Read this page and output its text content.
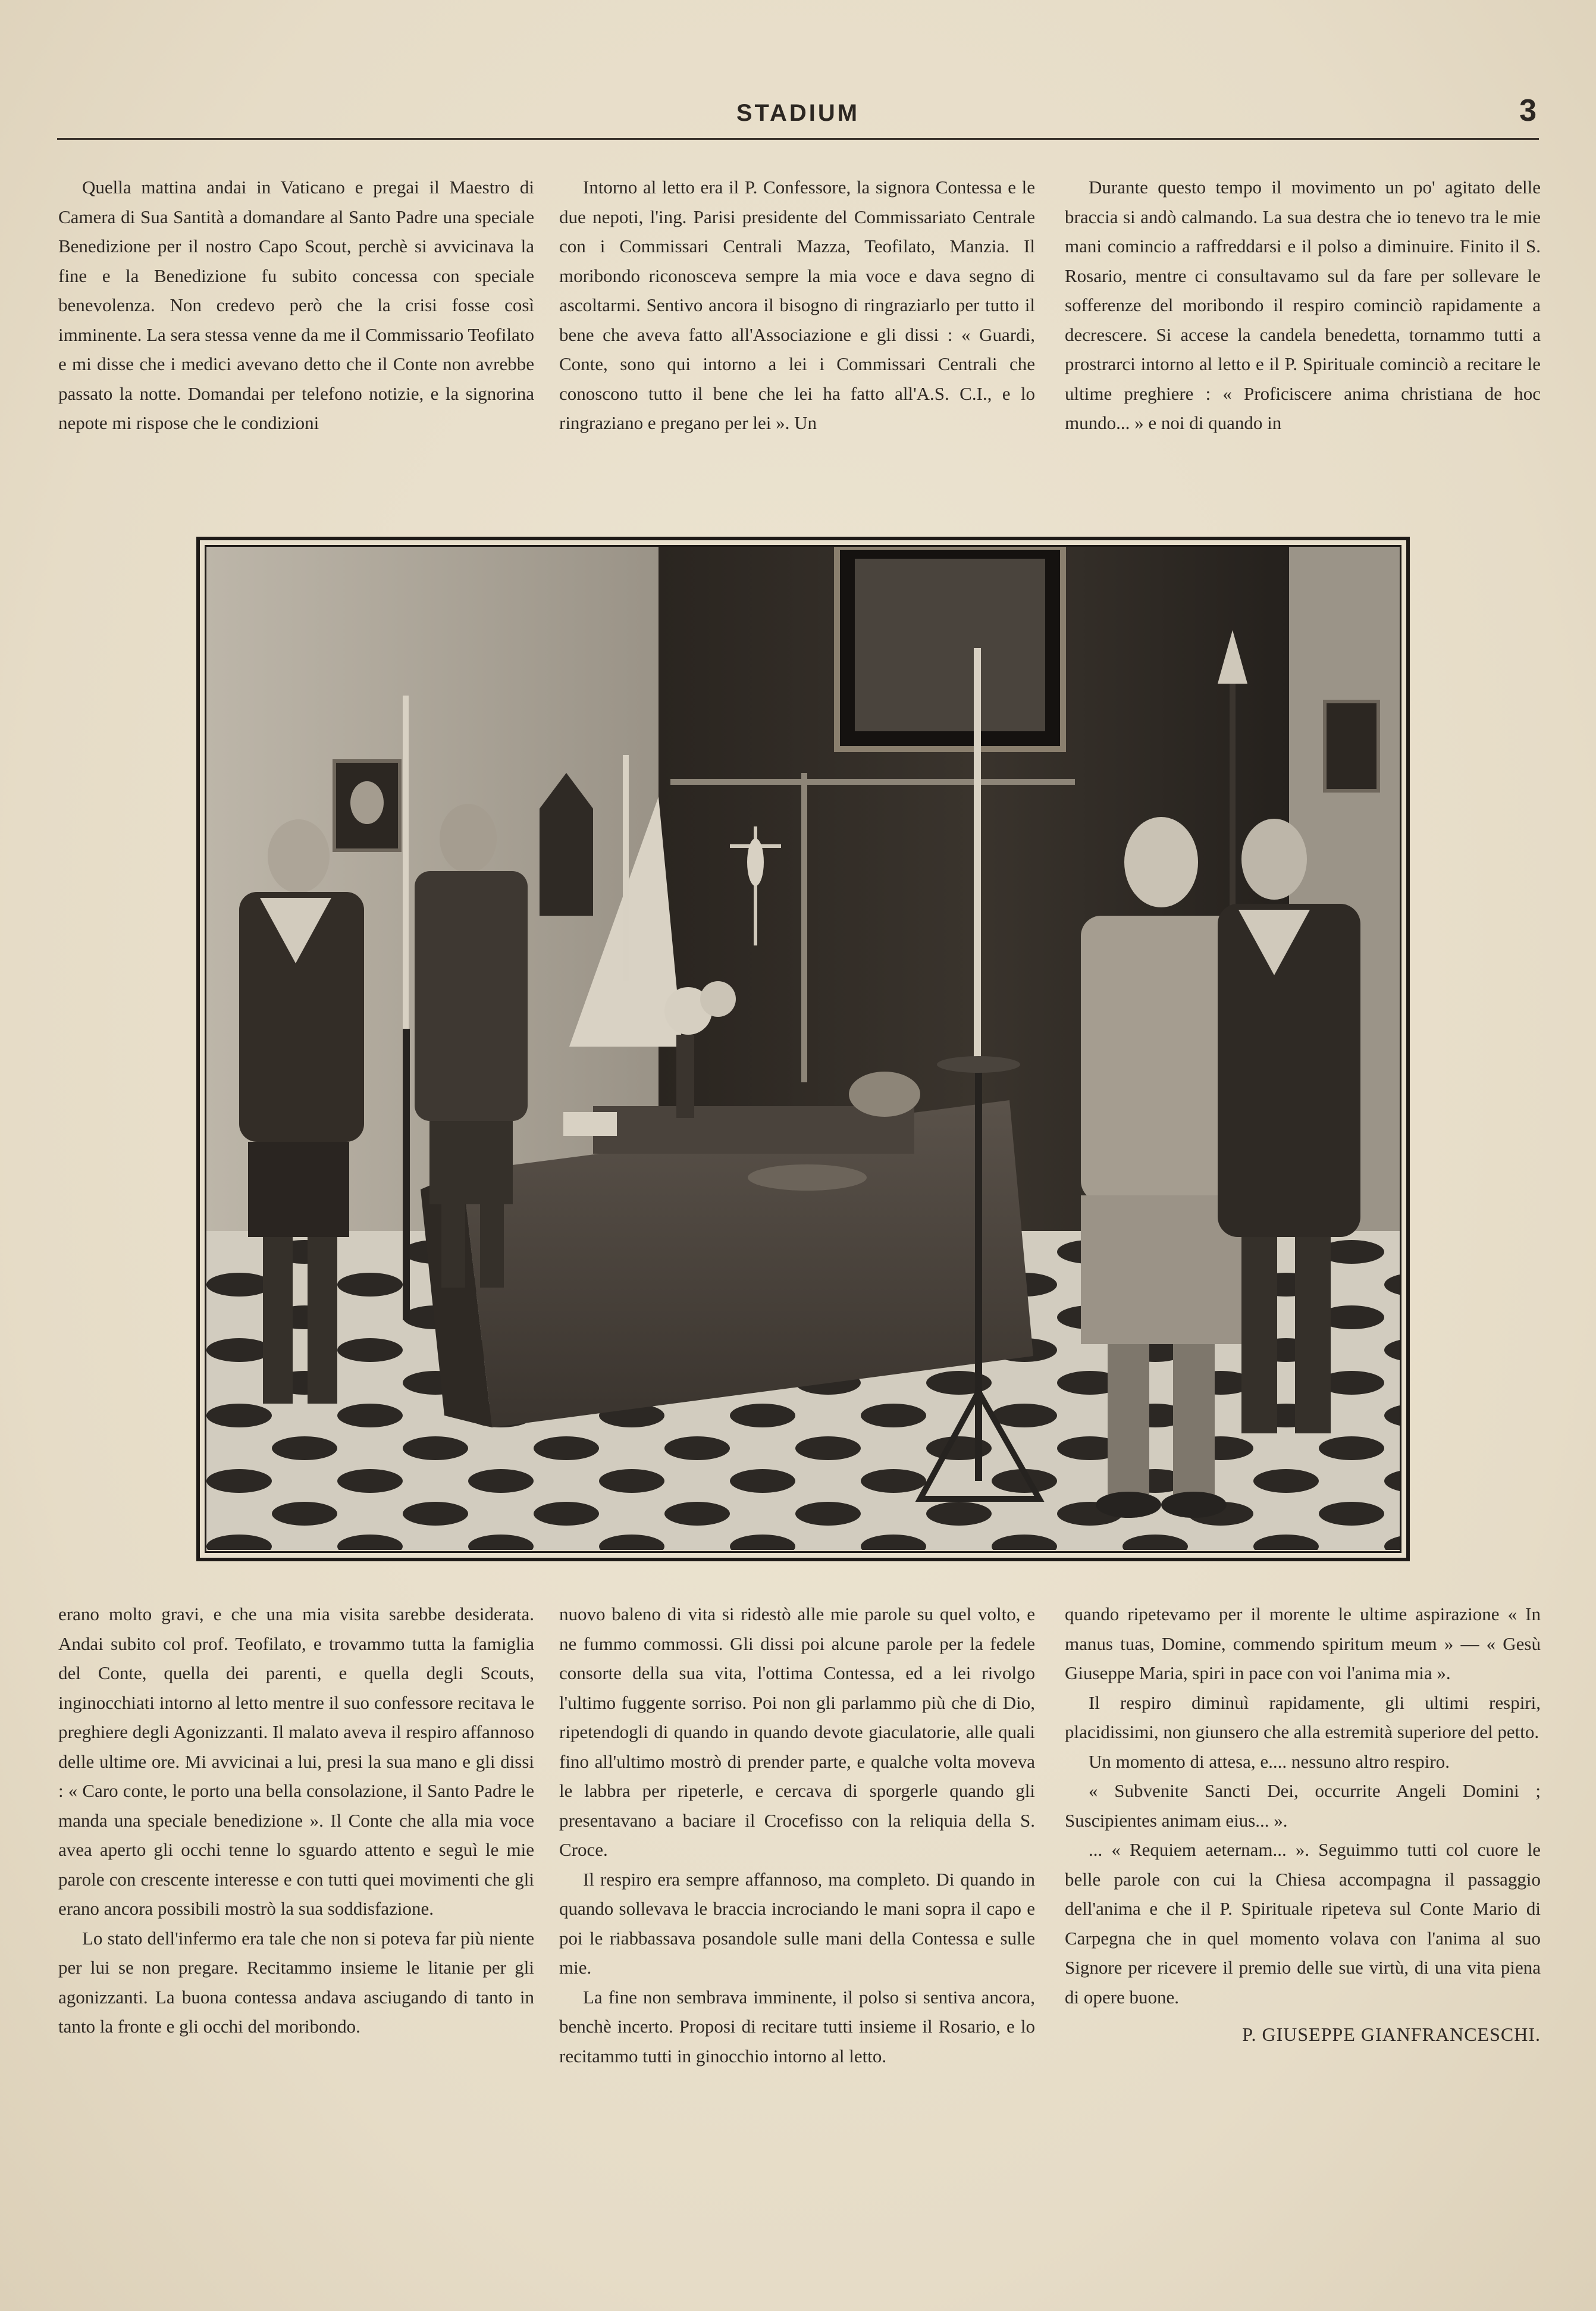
STADIUM	3

Quella mattina andai in Vaticano e pregai il Maestro di Camera di Sua Santità a domandare al Santo Padre una speciale Benedizione per il nostro Capo Scout, perchè si avvicinava la fine e la Benedizione fu subito concessa con speciale benevolenza. Non credevo però che la crisi fosse così imminente. La sera stessa venne da me il Commissario Teofilato e mi disse che i medici avevano detto che il Conte non avrebbe passato la notte. Domandai per telefono notizie, e la signorina nepote mi rispose che le condizioni

Intorno al letto era il P. Confessore, la signora Contessa e le due nepoti, l'ing. Parisi presidente del Commissariato Centrale con i Commissari Centrali Mazza, Teofilato, Manzia. Il moribondo riconosceva sempre la mia voce e dava segno di ascoltarmi. Sentivo ancora il bisogno di ringraziarlo per tutto il bene che aveva fatto all'Associazione e gli dissi : « Guardi, Conte, sono qui intorno a lei i Commissari Centrali che conoscono tutto il bene che lei ha fatto all'A.S. C.I., e lo ringraziano e pregano per lei ». Un

Durante questo tempo il movimento un po' agitato delle braccia si andò calmando. La sua destra che io tenevo tra le mie mani comincio a raffreddarsi e il polso a diminuire. Finito il S. Rosario, mentre ci consultavamo sul da fare per sollevare le sofferenze del moribondo il respiro cominciò rapidamente a decrescere. Si accese la candela benedetta, tornammo tutti a prostrarci intorno al letto e il P. Spirituale cominciò a recitare le ultime preghiere : « Proficiscere anima christiana de hoc mundo... » e noi di quando in

erano molto gravi, e che una mia visita sarebbe desiderata. Andai subito col prof. Teofilato, e trovammo tutta la famiglia del Conte, quella dei parenti, e quella degli Scouts, inginocchiati intorno al letto mentre il suo confessore recitava le preghiere degli Agonizzanti. Il malato aveva il respiro affannoso delle ultime ore. Mi avvicinai a lui, presi la sua mano e gli dissi : « Caro conte, le porto una bella consolazione, il Santo Padre le manda una speciale benedizione ». Il Conte che alla mia voce avea aperto gli occhi tenne lo sguardo attento e seguì le mie parole con crescente interesse e con tutti quei movimenti che gli erano ancora possibili mostrò la sua soddisfazione.

Lo stato dell'infermo era tale che non si poteva far più niente per lui se non pregare. Recitammo insieme le litanie per gli agonizzanti. La buona contessa andava asciugando di tanto in tanto la fronte e gli occhi del moribondo.

nuovo baleno di vita si ridestò alle mie parole su quel volto, e ne fummo commossi. Gli dissi poi alcune parole per la fedele consorte della sua vita, l'ottima Contessa, ed a lei rivolgo l'ultimo fuggente sorriso. Poi non gli parlammo più che di Dio, ripetendogli di quando in quando devote giaculatorie, alle quali fino all'ultimo mostrò di prender parte, e qualche volta moveva le labbra per ripeterle, e cercava di sporgerle quando gli presentavano a baciare il Crocefisso con la reliquia della S. Croce.

Il respiro era sempre affannoso, ma completo. Di quando in quando sollevava le braccia incrociando le mani sopra il capo e poi le riabbassava posandole sulle mani della Contessa e sulle mie.

La fine non sembrava imminente, il polso si sentiva ancora, benchè incerto. Proposi di recitare tutti insieme il Rosario, e lo recitammo tutti in ginocchio intorno al letto.

quando ripetevamo per il morente le ultime aspirazione « In manus tuas, Domine, commendo spiritum meum » — « Gesù Giuseppe Maria, spiri in pace con voi l'anima mia ».

Il respiro diminuì rapidamente, gli ultimi respiri, placidissimi, non giunsero che alla estremità superiore del petto.

Un momento di attesa, e.... nessuno altro respiro.

« Subvenite Sancti Dei, occurrite Angeli Domini ; Suscipientes animam eius... ».

... « Requiem aeternam... ». Seguimmo tutti col cuore le belle parole con cui la Chiesa accompagna il passaggio dell'anima e che il P. Spirituale ripeteva sul Conte Mario di Carpegna che in quel momento volava con l'anima al suo Signore per ricevere il premio delle sue virtù, di una vita piena di opere buone.

P. GIUSEPPE GIANFRANCESCHI.
